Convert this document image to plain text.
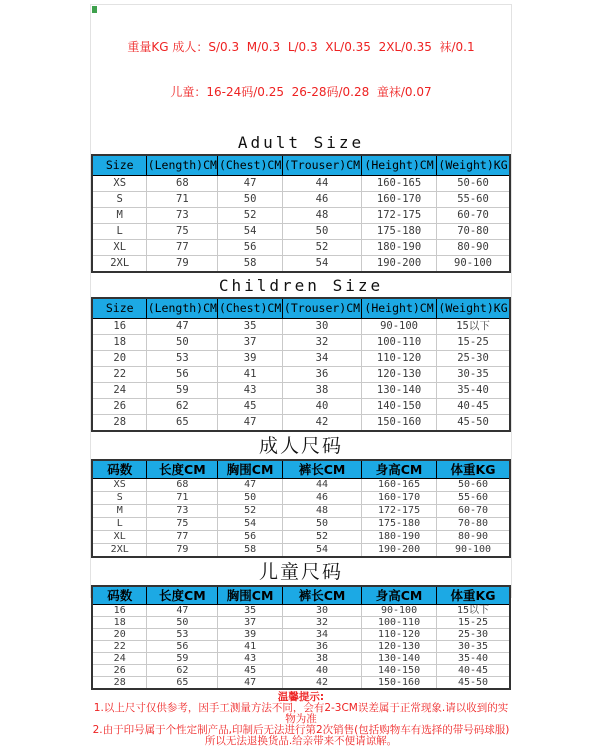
重量KG 成人：S/0.3  M/0.3  L/0.3  XL/0.35  2XL/0.35  袜/0.1

儿童：16-24码/0.25  26-28码/0.28  童袜/0.07

Adult Size
Size	(Length)CM	(Chest)CM	(Trouser)CM	(Height)CM	(Weight)KG
XS	68	47	44	160-165	50-60
S	71	50	46	160-170	55-60
M	73	52	48	172-175	60-70
L	75	54	50	175-180	70-80
XL	77	56	52	180-190	80-90
2XL	79	58	54	190-200	90-100
Children Size
Size	(Length)CM	(Chest)CM	(Trouser)CM	(Height)CM	(Weight)KG
16	47	35	30	90-100	15以下
18	50	37	32	100-110	15-25
20	53	39	34	110-120	25-30
22	56	41	36	120-130	30-35
24	59	43	38	130-140	35-40
26	62	45	40	140-150	40-45
28	65	47	42	150-160	45-50
成人尺码
码数	长度CM	胸围CM	裤长CM	身高CM	体重KG
XS	68	47	44	160-165	50-60
S	71	50	46	160-170	55-60
M	73	52	48	172-175	60-70
L	75	54	50	175-180	70-80
XL	77	56	52	180-190	80-90
2XL	79	58	54	190-200	90-100
儿童尺码
码数	长度CM	胸围CM	裤长CM	身高CM	体重KG
16	47	35	30	90-100	15以下
18	50	37	32	100-110	15-25
20	53	39	34	110-120	25-30
22	56	41	36	120-130	30-35
24	59	43	38	130-140	35-40
26	62	45	40	140-150	40-45
28	65	47	42	150-160	45-50
温馨提示:
1.以上尺寸仅供参考，因手工测量方法不同，会有2-3CM误差属于正常现象.请以收到的实物为准
2.由于印号属于个性定制产品,印制后无法进行第2次销售(包括购物车有选择的带号码球服) 所以无法退换货品.给亲带来不便请谅解。
